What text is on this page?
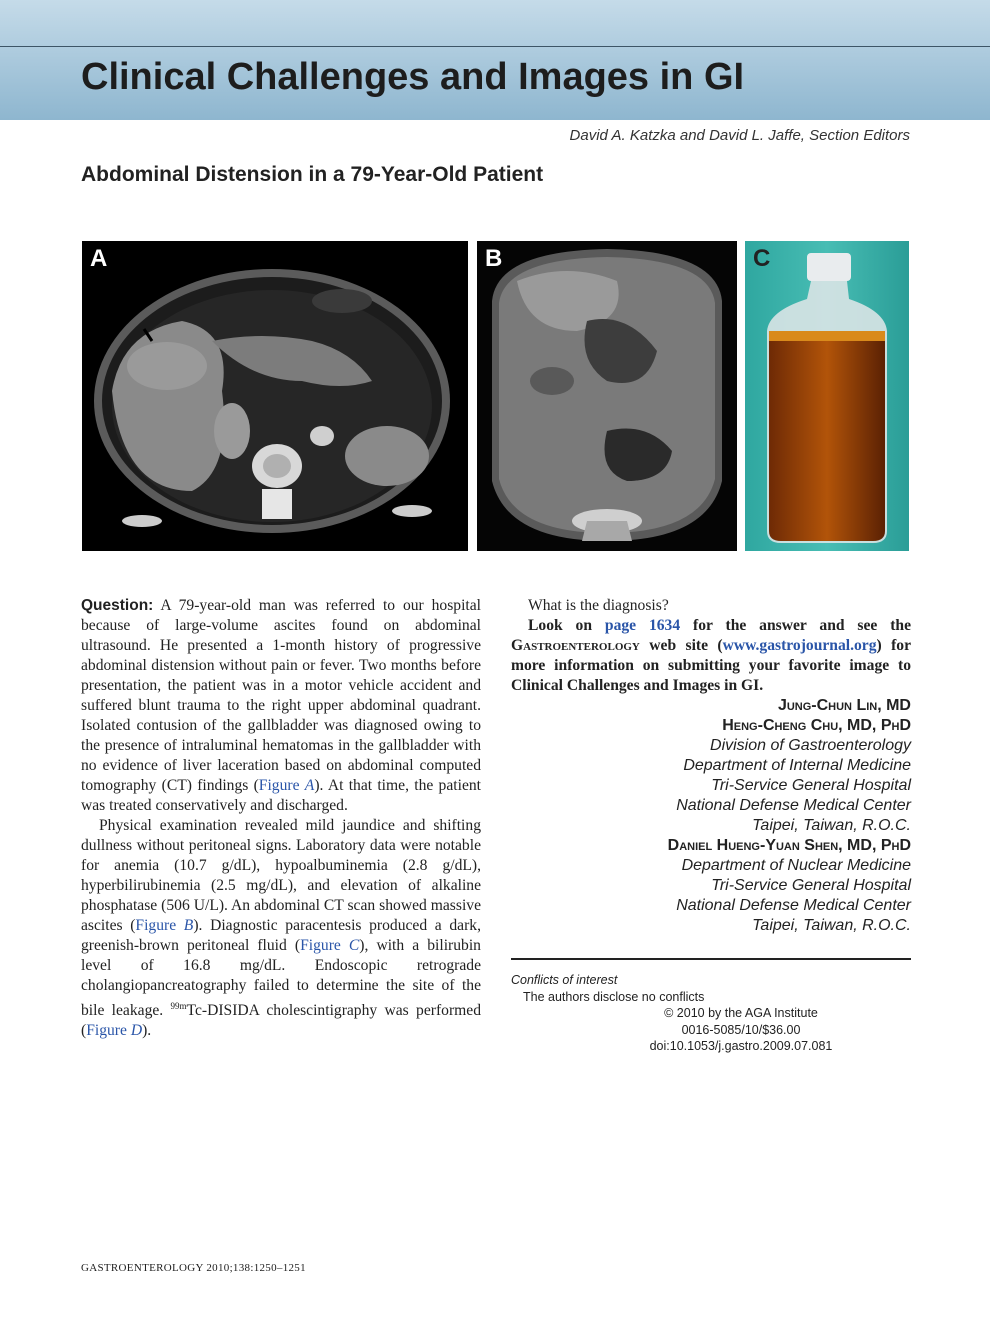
Clinical Challenges and Images in GI
David A. Katzka and David L. Jaffe, Section Editors
Abdominal Distension in a 79-Year-Old Patient
A	B	C

Question: A 79-year-old man was referred to our hospital because of large-volume ascites found on abdominal ultrasound. He presented a 1-month history of progressive abdominal distension without pain or fever. Two months before presentation, the patient was in a motor vehicle accident and suffered blunt trauma to the right upper abdominal quadrant. Isolated contusion of the gallbladder was diagnosed owing to the presence of intraluminal hematomas in the gallbladder with no evidence of liver laceration based on abdominal computed tomography (CT) findings (Figure A). At that time, the patient was treated conservatively and discharged.

Physical examination revealed mild jaundice and shifting dullness without peritoneal signs. Laboratory data were notable for anemia (10.7 g/dL), hypoalbuminemia (2.8 g/dL), hyperbilirubinemia (2.5 mg/dL), and elevation of alkaline phosphatase (506 U/L). An abdominal CT scan showed massive ascites (Figure B). Diagnostic paracentesis produced a dark, greenish-brown peritoneal fluid (Figure C), with a bilirubin level of 16.8 mg/dL. Endoscopic retrograde cholangiopancreatography failed to determine the site of the bile leakage. $^{99m}$Tc-DISIDA cholescintigraphy was performed (Figure D).

What is the diagnosis?

Look on page 1634 for the answer and see the Gastroenterology web site (www.gastrojournal.org) for more information on submitting your favorite image to Clinical Challenges and Images in GI.

Jung-Chun Lin, MD
Heng-Cheng Chu, MD, PhD
Division of Gastroenterology
Department of Internal Medicine
Tri-Service General Hospital
National Defense Medical Center
Taipei, Taiwan, R.O.C.
Daniel Hueng-Yuan Shen, MD, PhD
Department of Nuclear Medicine
Tri-Service General Hospital
National Defense Medical Center
Taipei, Taiwan, R.O.C.
Conflicts of interest
The authors disclose no conflicts
© 2010 by the AGA Institute
0016-5085/10/$36.00
doi:10.1053/j.gastro.2009.07.081
GASTROENTEROLOGY 2010;138:1250–1251
